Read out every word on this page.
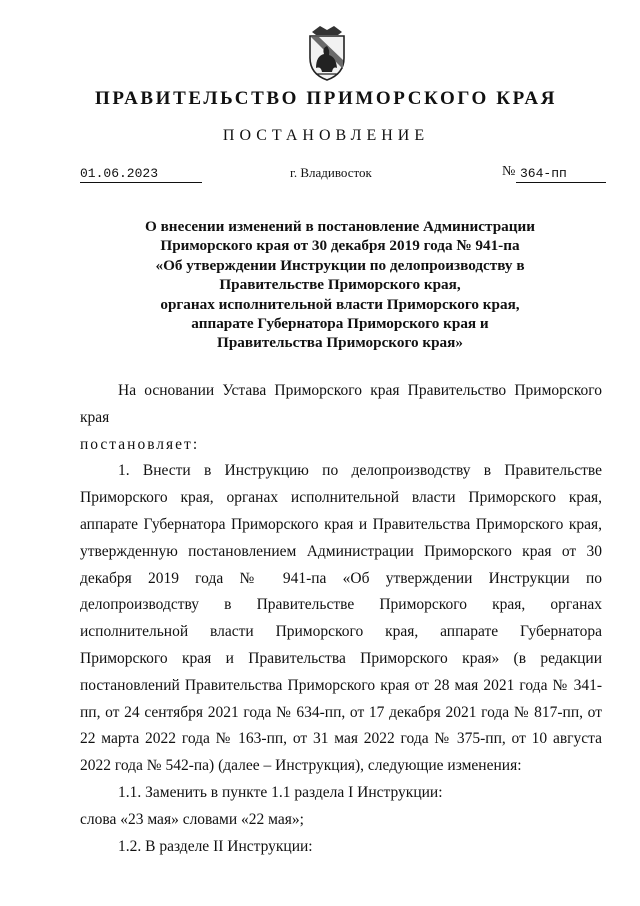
ПРАВИТЕЛЬСТВО ПРИМОРСКОГО КРАЯ
ПОСТАНОВЛЕНИЕ
01.06.2023	г. Владивосток	№ 364-пп
О внесении изменений в постановление Администрации
Приморского края от 30 декабря 2019 года № 941-па
«Об утверждении Инструкции по делопроизводству в
Правительстве Приморского края,
органах исполнительной власти Приморского края,
аппарате Губернатора Приморского края и
Правительства Приморского края»

На основании Устава Приморского края Правительство Приморского края

постановляет:

1. Внести в Инструкцию по делопроизводству в Правительстве Приморского края, органах исполнительной власти Приморского края, аппарате Губернатора Приморского края и Правительства Приморского края, утвержденную постановлением Администрации Приморского края от 30 декабря 2019 года № 941-па «Об утверждении Инструкции по делопроизводству в Правительстве Приморского края, органах исполнительной власти Приморского края, аппарате Губернатора Приморского края и Правительства Приморского края» (в редакции постановлений Правительства Приморского края от 28 мая 2021 года № 341-пп, от 24 сентября 2021 года № 634-пп, от 17 декабря 2021 года № 817-пп, от 22 марта 2022 года № 163-пп, от 31 мая 2022 года № 375-пп, от 10 августа 2022 года № 542-па) (далее – Инструкция), следующие изменения:

1.1. Заменить в пункте 1.1 раздела I Инструкции:

слова «23 мая» словами «22 мая»;

1.2. В разделе II Инструкции:
